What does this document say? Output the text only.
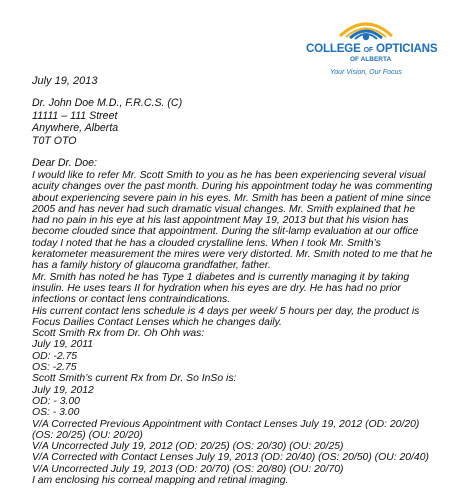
COLLEGE OF OPTICIANS
OF ALBERTA
Your Vision, Our Focus
July 19, 2013
Dr. John Doe M.D., F.R.C.S. (C)
11111 – 111 Street
Anywhere, Alberta
T0T OTO
Dear Dr. Doe:
I would like to refer Mr. Scott Smith to you as he has been experiencing several visual
acuity changes over the past month. During his appointment today he was commenting
about experiencing severe pain in his eyes. Mr. Smith has been a patient of mine since
2005 and has never had such dramatic visual changes. Mr. Smith explained that he
had no pain in his eye at his last appointment May 19, 2013 but that his vision has
become clouded since that appointment. During the slit-lamp evaluation at our office
today I noted that he has a clouded crystalline lens. When I took Mr. Smith’s
keratometer measurement the mires were very distorted. Mr. Smith noted to me that he
has a family history of glaucoma grandfather, father.
Mr. Smith has noted he has Type 1 diabetes and is currently managing it by taking
insulin. He uses tears II for hydration when his eyes are dry. He has had no prior
infections or contact lens contraindications.
His current contact lens schedule is 4 days per week/ 5 hours per day, the product is
Focus Dailies Contact Lenses which he changes daily.
Scott Smith Rx from Dr. Oh Ohh was:
July 19, 2011
OD: -2.75
OS: -2.75
Scott Smith’s current Rx from Dr. So InSo is:
July 19, 2012
OD: - 3.00
OS: - 3.00
V/A Corrected Previous Appointment with Contact Lenses July 19, 2012 (OD: 20/20)
(OS: 20/25) (OU: 20/20)
V/A Uncorrected July 19, 2012 (OD: 20/25) (OS: 20/30) (OU: 20/25)
V/A Corrected with Contact Lenses July 19, 2013 (OD: 20/40) (OS: 20/50) (OU: 20/40)
V/A Uncorrected July 19, 2013 (OD: 20/70) (OS: 20/80) (OU: 20/70)
I am enclosing his corneal mapping and retinal imaging.
